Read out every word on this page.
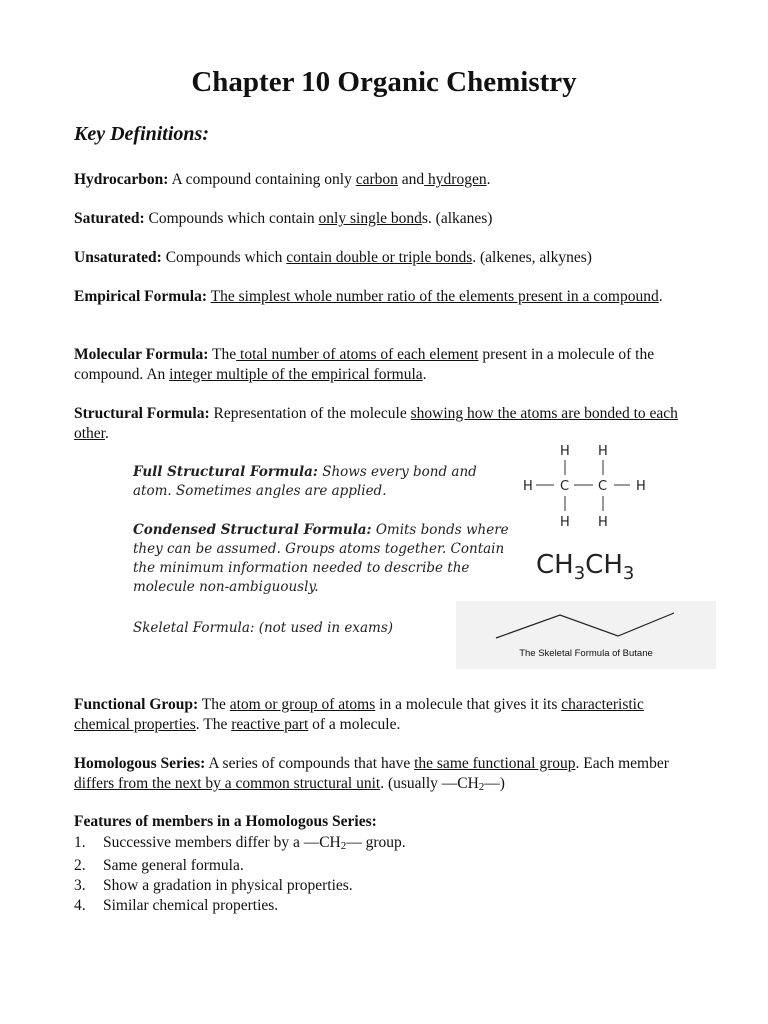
Chapter 10 Organic Chemistry

Key Definitions:

Hydrocarbon: A compound containing only carbon and hydrogen.

Saturated: Compounds which contain only single bonds. (alkanes)

Unsaturated: Compounds which contain double or triple bonds. (alkenes, alkynes)

Empirical Formula: The simplest whole number ratio of the elements present in a compound.

Molecular Formula: The total number of atoms of each element present in a molecule of the compound. An integer multiple of the empirical formula.

Structural Formula: Representation of the molecule showing how the atoms are bonded to each other.

Full Structural Formula: Shows every bond and atom. Sometimes angles are applied.

Condensed Structural Formula: Omits bonds where they can be assumed. Groups atoms together. Contain the minimum information needed to describe the molecule non-ambiguously.

Skeletal Formula: (not used in exams)

H H
H C C H
H H
$CH_3CH_3$
The Skeletal Formula of Butane

Functional Group: The atom or group of atoms in a molecule that gives it its characteristic chemical properties. The reactive part of a molecule.

Homologous Series: A series of compounds that have the same functional group. Each member differs from the next by a common structural unit. (usually —CH2—)

Features of members in a Homologous Series:

1.	Successive members differ by a —CH2— group.
2.	Same general formula.
3.	Show a gradation in physical properties.
4.	Similar chemical properties.
